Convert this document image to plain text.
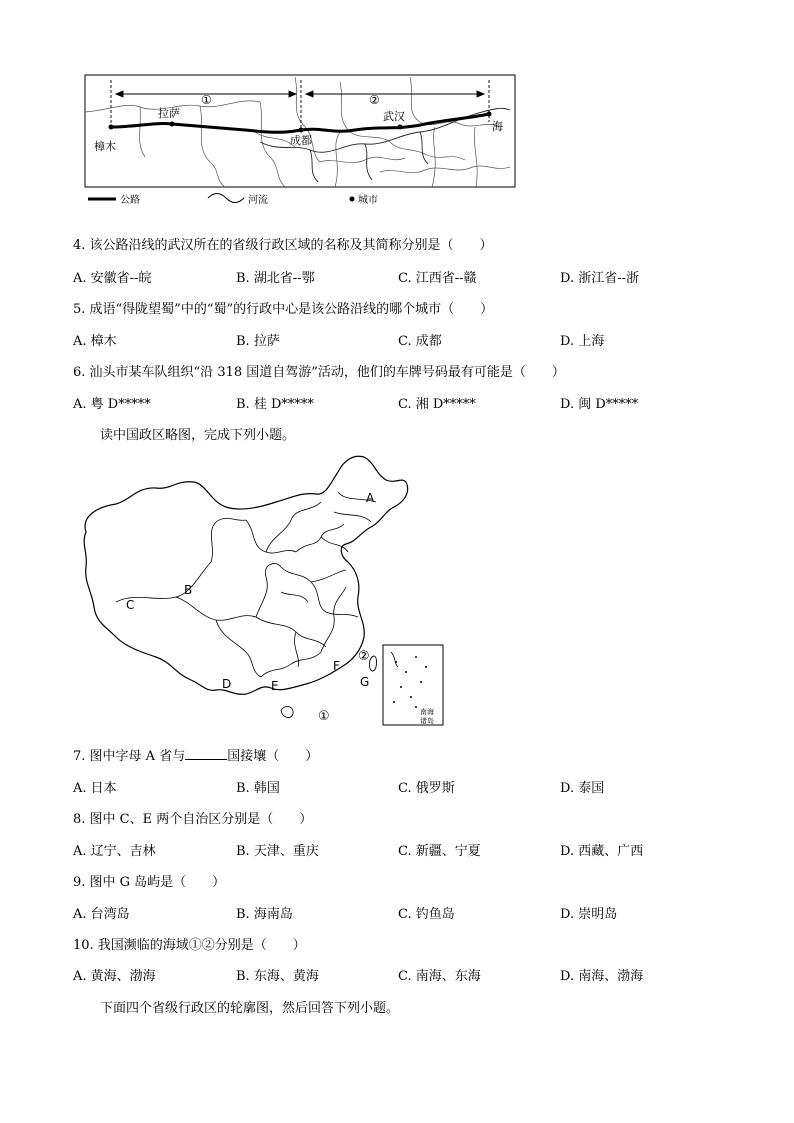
樟木
拉萨
成都
武汉
海
①	②
公路	河流	城市
4. 该公路沿线的武汉所在的省级行政区域的名称及其简称分别是（　　）
A. 安徽省--皖	B. 湖北省--鄂	C. 江西省--赣	D. 浙江省--浙
5. 成语“得陇望蜀”中的“蜀”的行政中心是该公路沿线的哪个城市（　　）
A. 樟木	B. 拉萨	C. 成都	D. 上海
6. 汕头市某车队组织“沿 318 国道自驾游”活动，他们的车牌号码最有可能是（　　）
A. 粤 D*****	B. 桂 D*****	C. 湘 D*****	D. 闽 D*****
读中国政区略图，完成下列小题。
南海
诸岛
A
B
C
D	E
F
G
①
②
7. 图中字母 A 省与	国接壤（　　）
A. 日本	B. 韩国	C. 俄罗斯	D. 泰国
8. 图中 C、E 两个自治区分别是（　　）
A. 辽宁、吉林	B. 天津、重庆	C. 新疆、宁夏	D. 西藏、广西
9. 图中 G 岛屿是（　　）
A. 台湾岛	B. 海南岛	C. 钓鱼岛	D. 崇明岛
10. 我国濒临的海域①②分别是（　　）
A. 黄海、渤海	B. 东海、黄海	C. 南海、东海	D. 南海、渤海
下面四个省级行政区的轮廓图，然后回答下列小题。
